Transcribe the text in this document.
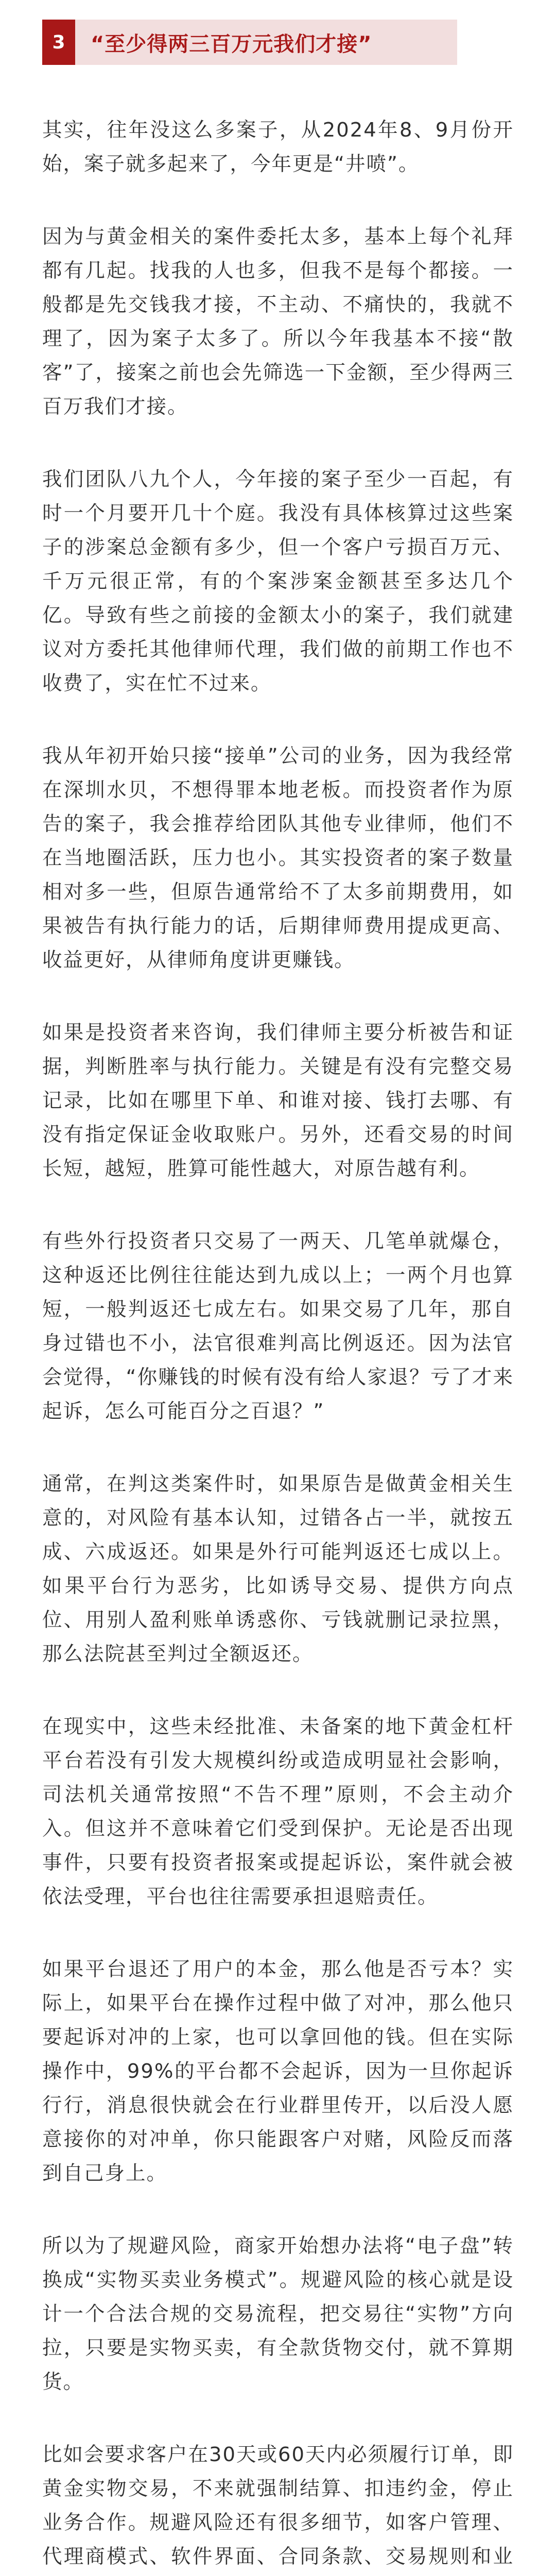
3	“至少得两三百万元我们才接”

其实，往年没这么多案子，从2024年8、9月份开始，案子就多起来了，今年更是“井喷”。

因为与黄金相关的案件委托太多，基本上每个礼拜都有几起。找我的人也多，但我不是每个都接。一般都是先交钱我才接，不主动、不痛快的，我就不理了，因为案子太多了。所以今年我基本不接“散客”了，接案之前也会先筛选一下金额，至少得两三百万我们才接。

我们团队八九个人，今年接的案子至少一百起，有时一个月要开几十个庭。我没有具体核算过这些案子的涉案总金额有多少，但一个客户亏损百万元、千万元很正常，有的个案涉案金额甚至多达几个亿。导致有些之前接的金额太小的案子，我们就建议对方委托其他律师代理，我们做的前期工作也不收费了，实在忙不过来。

我从年初开始只接“接单”公司的业务，因为我经常在深圳水贝，不想得罪本地老板。而投资者作为原告的案子，我会推荐给团队其他专业律师，他们不在当地圈活跃，压力也小。其实投资者的案子数量相对多一些，但原告通常给不了太多前期费用，如果被告有执行能力的话，后期律师费用提成更高、收益更好，从律师角度讲更赚钱。

如果是投资者来咨询，我们律师主要分析被告和证据，判断胜率与执行能力。关键是有没有完整交易记录，比如在哪里下单、和谁对接、钱打去哪、有没有指定保证金收取账户。另外，还看交易的时间长短，越短，胜算可能性越大，对原告越有利。

有些外行投资者只交易了一两天、几笔单就爆仓，这种返还比例往往能达到九成以上；一两个月也算短，一般判返还七成左右。如果交易了几年，那自身过错也不小，法官很难判高比例返还。因为法官会觉得，“你赚钱的时候有没有给人家退？亏了才来起诉，怎么可能百分之百退？”

通常，在判这类案件时，如果原告是做黄金相关生意的，对风险有基本认知，过错各占一半，就按五成、六成返还。如果是外行可能判返还七成以上。如果平台行为恶劣，比如诱导交易、提供方向点位、用别人盈利账单诱惑你、亏钱就删记录拉黑，那么法院甚至判过全额返还。

在现实中，这些未经批准、未备案的地下黄金杠杆平台若没有引发大规模纠纷或造成明显社会影响，司法机关通常按照“不告不理”原则，不会主动介入。但这并不意味着它们受到保护。无论是否出现事件，只要有投资者报案或提起诉讼，案件就会被依法受理，平台也往往需要承担退赔责任。

如果平台退还了用户的本金，那么他是否亏本？实际上，如果平台在操作过程中做了对冲，那么他只要起诉对冲的上家，也可以拿回他的钱。但在实际操作中，99%的平台都不会起诉，因为一旦你起诉行行，消息很快就会在行业群里传开，以后没人愿意接你的对冲单，你只能跟客户对赌，风险反而落到自己身上。

所以为了规避风险，商家开始想办法将“电子盘”转换成“实物买卖业务模式”。规避风险的核心就是设计一个合法合规的交易流程，把交易往“实物”方向拉，只要是实物买卖，有全款货物交付，就不算期货。

比如会要求客户在30天或60天内必须履行订单，即黄金实物交易，不来就强制结算、扣违约金，停止业务合作。规避风险还有很多细节，如客户管理、代理商模式、软件界面、合同条款、交易规则和业
